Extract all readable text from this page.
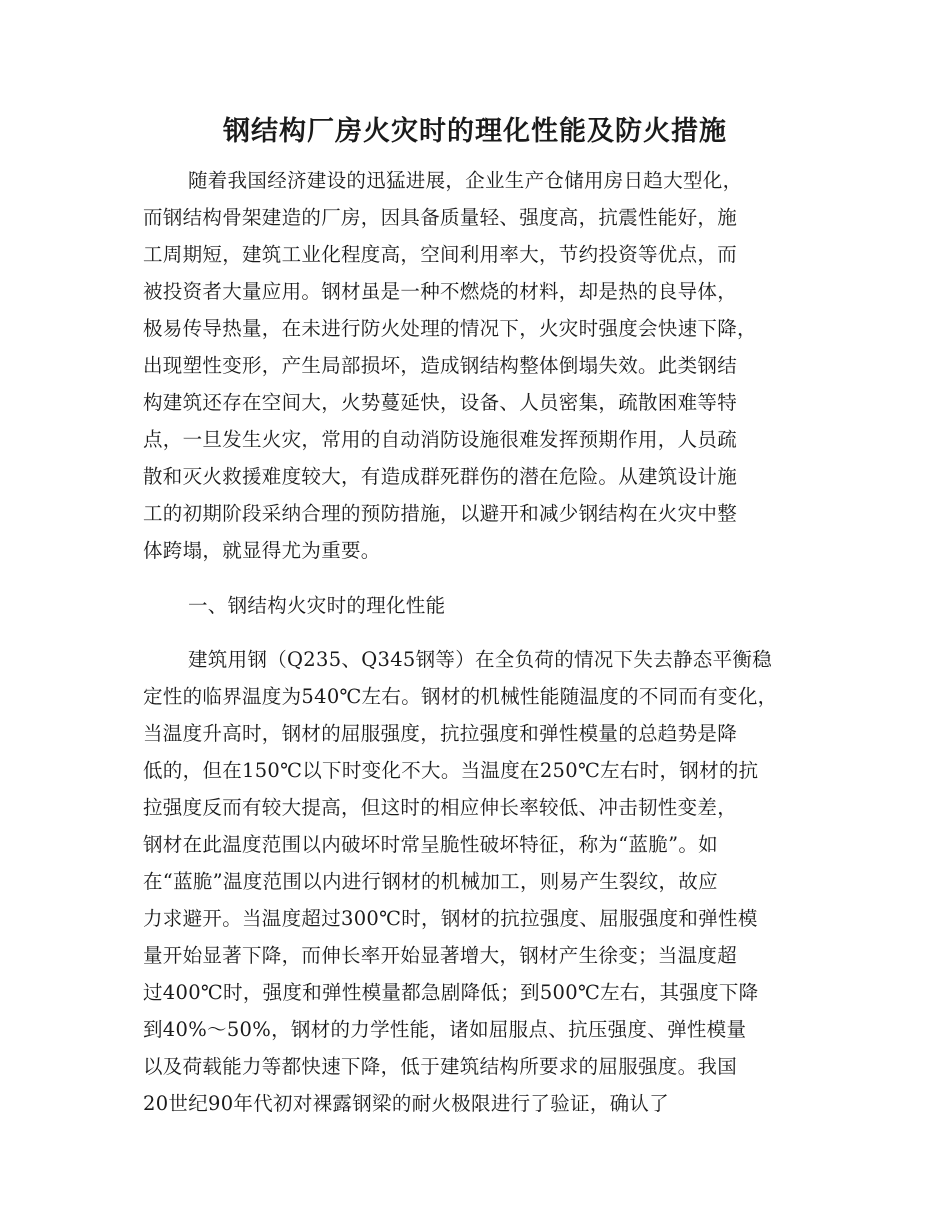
钢结构厂房火灾时的理化性能及防火措施
随着我国经济建设的迅猛进展，企业生产仓储用房日趋大型化，
而钢结构骨架建造的厂房，因具备质量轻、强度高，抗震性能好，施
工周期短，建筑工业化程度高，空间利用率大，节约投资等优点，而
被投资者大量应用。钢材虽是一种不燃烧的材料，却是热的良导体，
极易传导热量，在未进行防火处理的情况下，火灾时强度会快速下降，
出现塑性变形，产生局部损坏，造成钢结构整体倒塌失效。此类钢结
构建筑还存在空间大，火势蔓延快，设备、人员密集，疏散困难等特
点，一旦发生火灾，常用的自动消防设施很难发挥预期作用，人员疏
散和灭火救援难度较大，有造成群死群伤的潜在危险。从建筑设计施
工的初期阶段采纳合理的预防措施，以避开和减少钢结构在火灾中整
体跨塌，就显得尤为重要。
一、钢结构火灾时的理化性能
建筑用钢（Q235、Q345钢等）在全负荷的情况下失去静态平衡稳
定性的临界温度为540℃左右。钢材的机械性能随温度的不同而有变化，
当温度升高时，钢材的屈服强度，抗拉强度和弹性模量的总趋势是降
低的，但在150℃以下时变化不大。当温度在250℃左右时，钢材的抗
拉强度反而有较大提高，但这时的相应伸长率较低、冲击韧性变差，
钢材在此温度范围以内破坏时常呈脆性破坏特征，称为“蓝脆”。如
在“蓝脆”温度范围以内进行钢材的机械加工，则易产生裂纹，故应
力求避开。当温度超过300℃时，钢材的抗拉强度、屈服强度和弹性模
量开始显著下降，而伸长率开始显著增大，钢材产生徐变；当温度超
过400℃时，强度和弹性模量都急剧降低；到500℃左右，其强度下降
到40%～50%，钢材的力学性能，诸如屈服点、抗压强度、弹性模量
以及荷载能力等都快速下降，低于建筑结构所要求的屈服强度。我国
20世纪90年代初对裸露钢梁的耐火极限进行了验证，确认了
